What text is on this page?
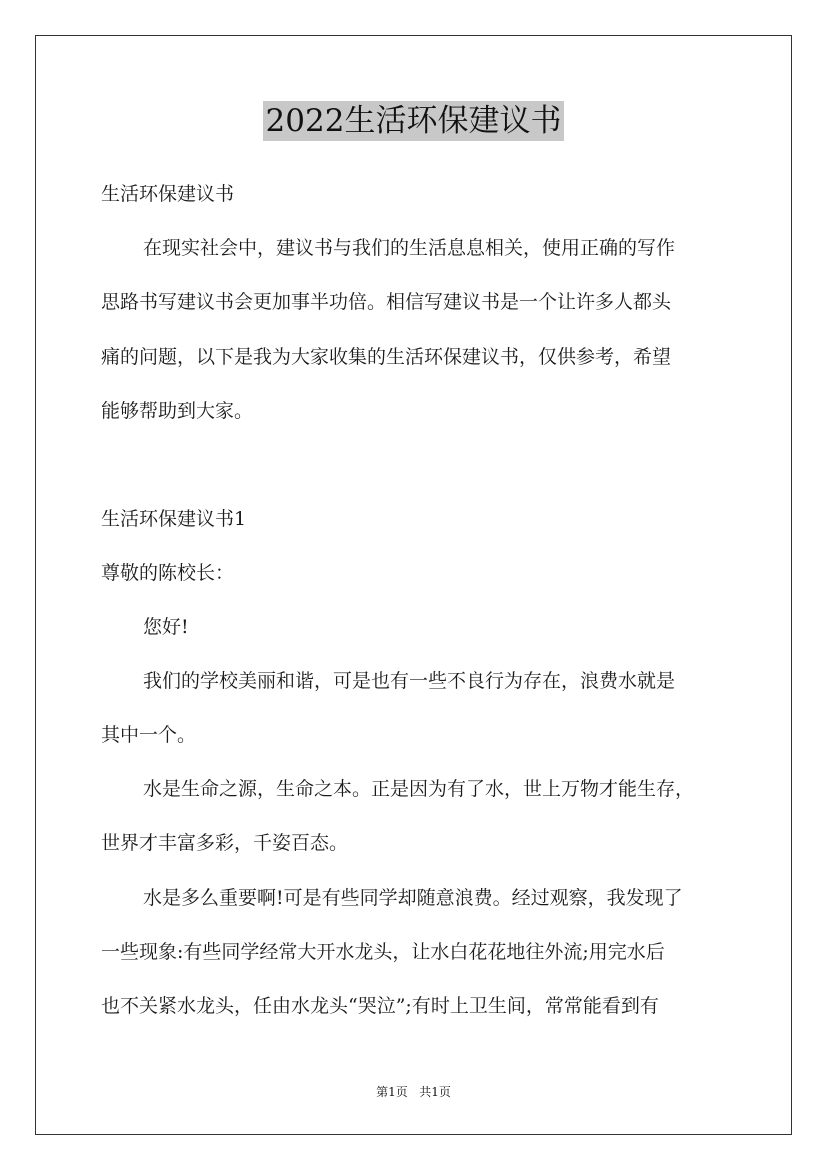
2022生活环保建议书
生活环保建议书
在现实社会中，建议书与我们的生活息息相关，使用正确的写作
思路书写建议书会更加事半功倍。相信写建议书是一个让许多人都头
痛的问题，以下是我为大家收集的生活环保建议书，仅供参考，希望
能够帮助到大家。
生活环保建议书1
尊敬的陈校长：
您好!
我们的学校美丽和谐，可是也有一些不良行为存在，浪费水就是
其中一个。
水是生命之源，生命之本。正是因为有了水，世上万物才能生存，
世界才丰富多彩，千姿百态。
水是多么重要啊!可是有些同学却随意浪费。经过观察，我发现了
一些现象:有些同学经常大开水龙头，让水白花花地往外流;用完水后
也不关紧水龙头，任由水龙头“哭泣”;有时上卫生间，常常能看到有
第1页 共1页
